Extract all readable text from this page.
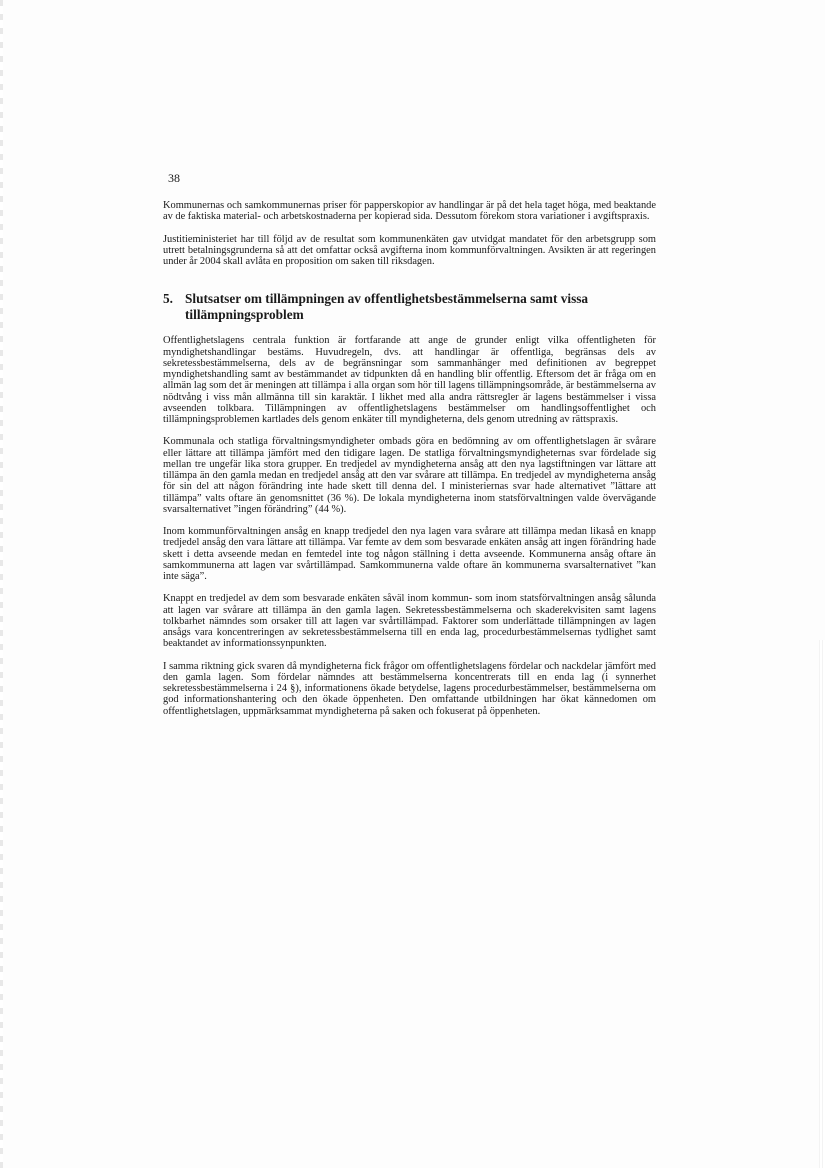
38

Kommunernas och samkommunernas priser för papperskopior av handlingar är på det hela taget höga, med beaktande av de faktiska material- och arbetskostnaderna per kopierad sida. Dessutom förekom stora variationer i avgiftspraxis.

Justitieministeriet har till följd av de resultat som kommunenkäten gav utvidgat mandatet för den arbetsgrupp som utrett betalningsgrunderna så att det omfattar också avgifterna inom kommunförvaltningen. Avsikten är att regeringen under år 2004 skall avlåta en proposition om saken till riksdagen.

5. Slutsatser om tillämpningen av offentlighetsbestämmelserna samt vissa tillämpningsproblem

Offentlighetslagens centrala funktion är fortfarande att ange de grunder enligt vilka offentligheten för myndighetshandlingar bestäms. Huvudregeln, dvs. att handlingar är offentliga, begränsas dels av sekretessbestämmelserna, dels av de begränsningar som sammanhänger med definitionen av begreppet myndighetshandling samt av bestämmandet av tidpunkten då en handling blir offentlig. Eftersom det är fråga om en allmän lag som det är meningen att tillämpa i alla organ som hör till lagens tillämpningsområde, är bestämmelserna av nödtvång i viss mån allmänna till sin karaktär. I likhet med alla andra rättsregler är lagens bestämmelser i vissa avseenden tolkbara. Tillämpningen av offentlighetslagens bestämmelser om handlingsoffentlighet och tillämpningsproblemen kartlades dels genom enkäter till myndigheterna, dels genom utredning av rättspraxis.

Kommunala och statliga förvaltningsmyndigheter ombads göra en bedömning av om offentlighetslagen är svårare eller lättare att tillämpa jämfört med den tidigare lagen. De statliga förvaltningsmyndigheternas svar fördelade sig mellan tre ungefär lika stora grupper. En tredjedel av myndigheterna ansåg att den nya lagstiftningen var lättare att tillämpa än den gamla medan en tredjedel ansåg att den var svårare att tillämpa. En tredjedel av myndigheterna ansåg för sin del att någon förändring inte hade skett till denna del. I ministeriernas svar hade alternativet ”lättare att tillämpa” valts oftare än genomsnittet (36 %). De lokala myndigheterna inom statsförvaltningen valde övervägande svarsalternativet ”ingen förändring” (44 %).

Inom kommunförvaltningen ansåg en knapp tredjedel den nya lagen vara svårare att tillämpa medan likaså en knapp tredjedel ansåg den vara lättare att tillämpa. Var femte av dem som besvarade enkäten ansåg att ingen förändring hade skett i detta avseende medan en femtedel inte tog någon ställning i detta avseende. Kommunerna ansåg oftare än samkommunerna att lagen var svårtillämpad. Samkommunerna valde oftare än kommunerna svarsalternativet ”kan inte säga”.

Knappt en tredjedel av dem som besvarade enkäten såväl inom kommun- som inom statsförvaltningen ansåg sålunda att lagen var svårare att tillämpa än den gamla lagen. Sekretessbestämmelserna och skaderekvisiten samt lagens tolkbarhet nämndes som orsaker till att lagen var svårtillämpad. Faktorer som underlättade tillämpningen av lagen ansågs vara koncentreringen av sekretessbestämmelserna till en enda lag, procedurbestämmelsernas tydlighet samt beaktandet av informationssynpunkten.

I samma riktning gick svaren då myndigheterna fick frågor om offentlighetslagens fördelar och nackdelar jämfört med den gamla lagen. Som fördelar nämndes att bestämmelserna koncentrerats till en enda lag (i synnerhet sekretessbestämmelserna i 24 §), informationens ökade betydelse, lagens procedurbestämmelser, bestämmelserna om god informationshantering och den ökade öppenheten. Den omfattande utbildningen har ökat kännedomen om offentlighetslagen, uppmärksammat myndigheterna på saken och fokuserat på öppenheten.
